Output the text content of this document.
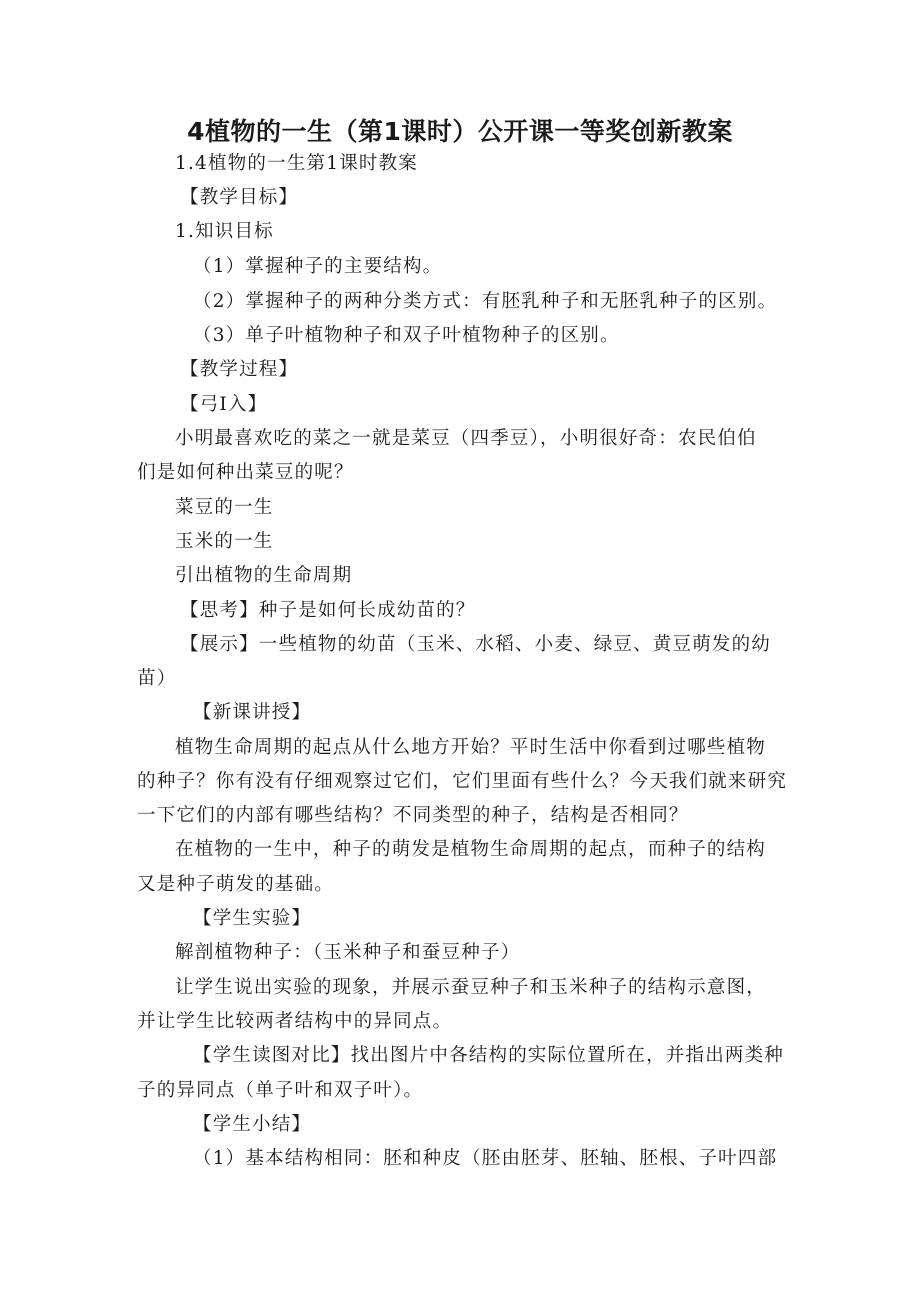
4植物的一生（第1课时）公开课一等奖创新教案

1.4植物的一生第1课时教案

【教学目标】

1.知识目标

（1）掌握种子的主要结构。

（2）掌握种子的两种分类方式：有胚乳种子和无胚乳种子的区别。

（3）单子叶植物种子和双子叶植物种子的区别。

【教学过程】

【弓I入】

小明最喜欢吃的菜之一就是菜豆（四季豆），小明很好奇：农民伯伯

们是如何种出菜豆的呢？

菜豆的一生

玉米的一生

引出植物的生命周期

【思考】种子是如何长成幼苗的？

【展示】一些植物的幼苗（玉米、水稻、小麦、绿豆、黄豆萌发的幼

苗）

【新课讲授】

植物生命周期的起点从什么地方开始？平时生活中你看到过哪些植物

的种子？你有没有仔细观察过它们，它们里面有些什么？今天我们就来研究

一下它们的内部有哪些结构？不同类型的种子，结构是否相同？

在植物的一生中，种子的萌发是植物生命周期的起点，而种子的结构

又是种子萌发的基础。

【学生实验】

解剖植物种子：（玉米种子和蚕豆种子）

让学生说出实验的现象，并展示蚕豆种子和玉米种子的结构示意图，

并让学生比较两者结构中的异同点。

【学生读图对比】找出图片中各结构的实际位置所在，并指出两类种

子的异同点（单子叶和双子叶）。

【学生小结】

（1）基本结构相同：胚和种皮（胚由胚芽、胚轴、胚根、子叶四部
